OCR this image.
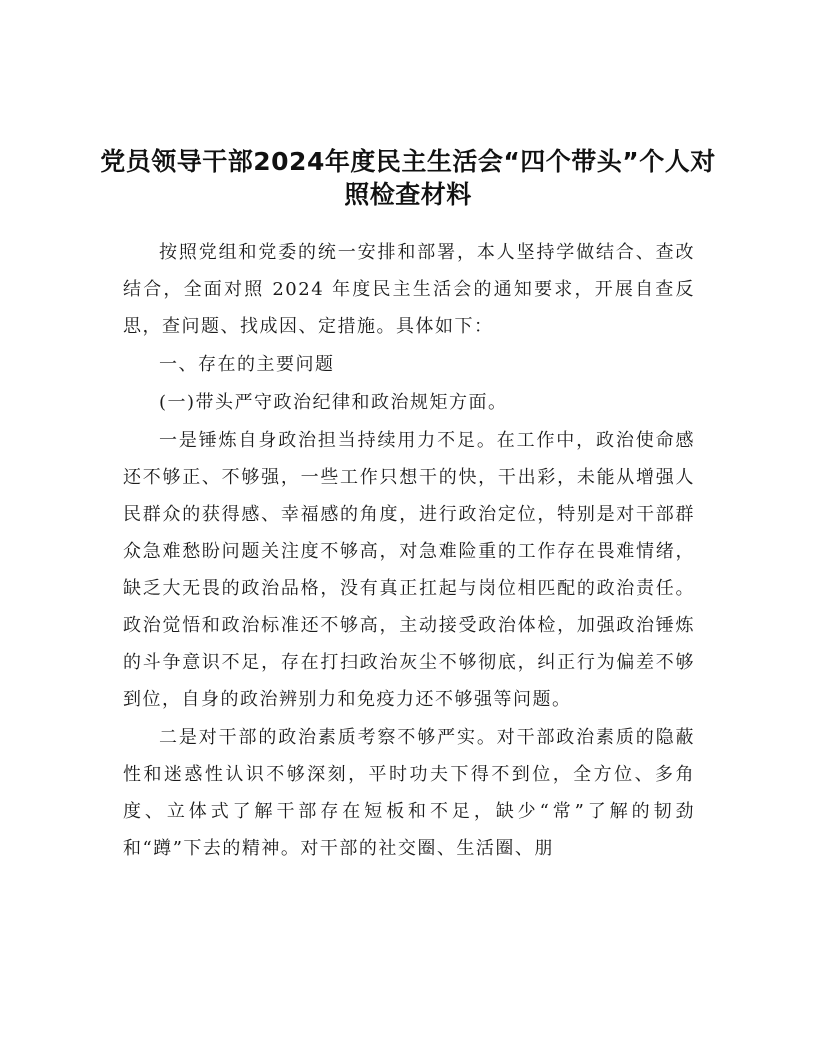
党员领导干部2024年度民主生活会“四个带头”个人对照检查材料

按照党组和党委的统一安排和部署，本人坚持学做结合、查改结合，全面对照 2024 年度民主生活会的通知要求，开展自查反思，查问题、找成因、定措施。具体如下：

一、存在的主要问题

(一)带头严守政治纪律和政治规矩方面。

一是锤炼自身政治担当持续用力不足。在工作中，政治使命感还不够正、不够强，一些工作只想干的快，干出彩，未能从增强人民群众的获得感、幸福感的角度，进行政治定位，特别是对干部群众急难愁盼问题关注度不够高，对急难险重的工作存在畏难情绪，缺乏大无畏的政治品格，没有真正扛起与岗位相匹配的政治责任。政治觉悟和政治标准还不够高，主动接受政治体检，加强政治锤炼的斗争意识不足，存在打扫政治灰尘不够彻底，纠正行为偏差不够到位，自身的政治辨别力和免疫力还不够强等问题。

二是对干部的政治素质考察不够严实。对干部政治素质的隐蔽性和迷惑性认识不够深刻，平时功夫下得不到位，全方位、多角度、立体式了解干部存在短板和不足，缺少“常”了解的韧劲和“蹲”下去的精神。对干部的社交圈、生活圈、朋
